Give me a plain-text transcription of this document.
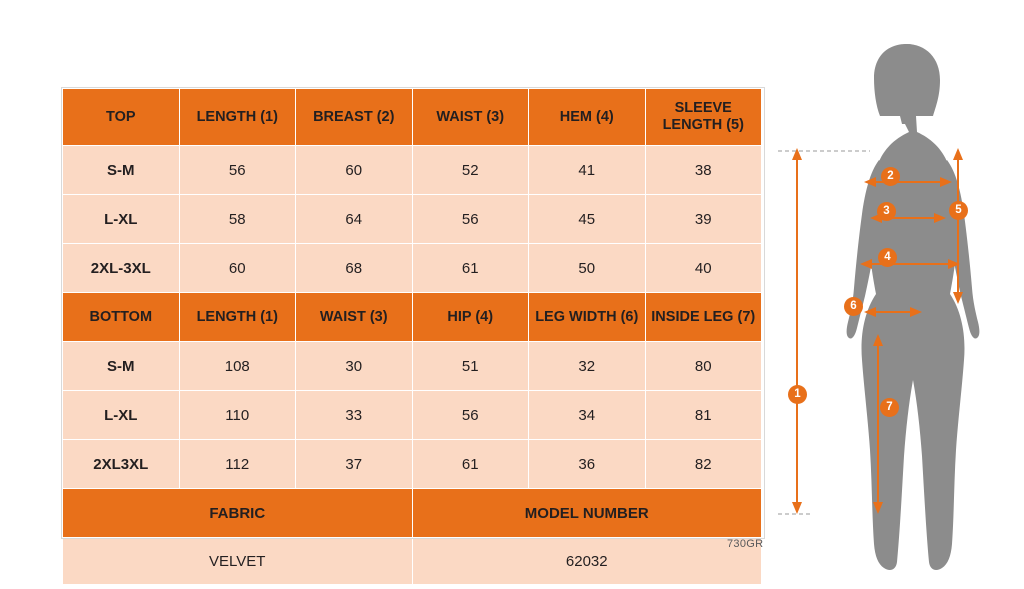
TOP	LENGTH (1)	BREAST (2)	WAIST (3)	HEM (4)	SLEEVE LENGTH (5)
S-M	56	60	52	41	38
L-XL	58	64	56	45	39
2XL-3XL	60	68	61	50	40
BOTTOM	LENGTH (1)	WAIST (3)	HIP (4)	LEG WIDTH (6)	INSIDE LEG (7)
S-M	108	30	51	32	80
L-XL	110	33	56	34	81
2XL3XL	112	37	61	36	82
FABRIC			MODEL NUMBER		
VELVET			62032		
730GR
1
2
3
4
5
6
7
